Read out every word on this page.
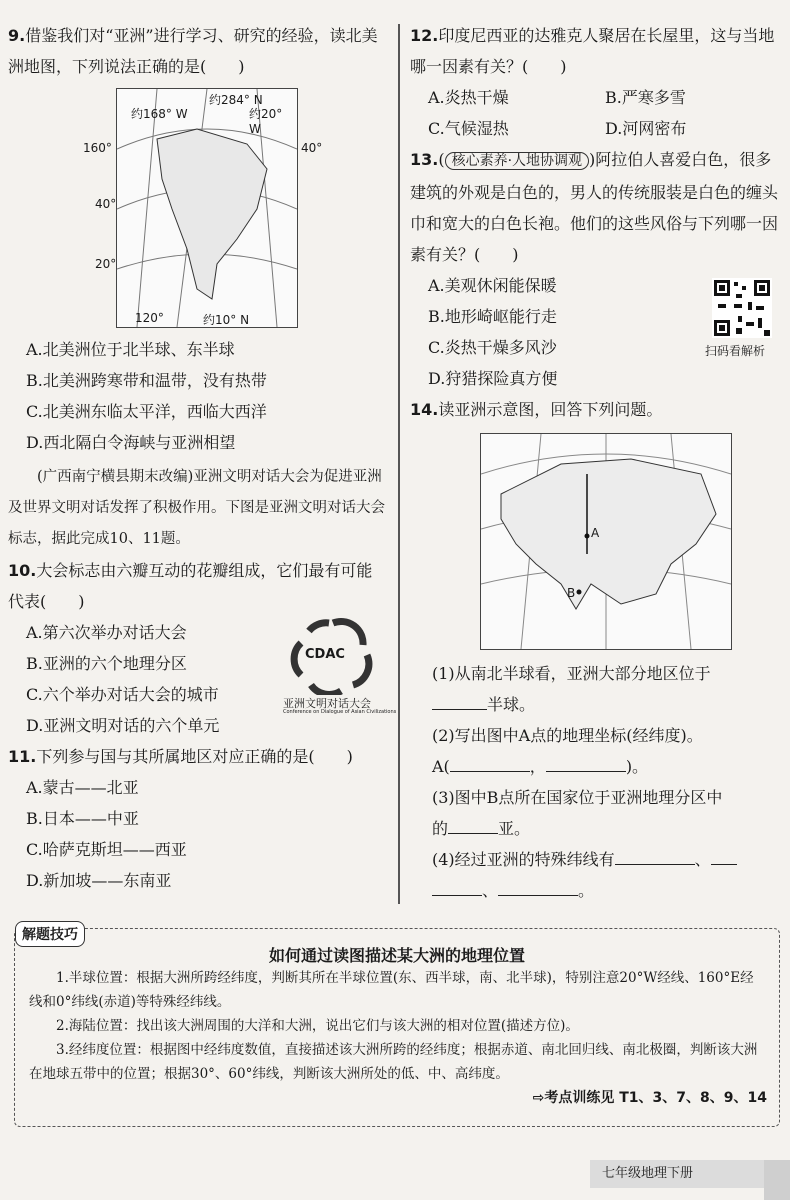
9.借鉴我们对“亚洲”进行学习、研究的经验，读北美洲地图，下列说法正确的是(　　)
约284° N
约168° W	约20° W
160°
40°
20°
40°
约10° N
120°
A.北美洲位于北半球、东半球
B.北美洲跨寒带和温带，没有热带
C.北美洲东临太平洋，西临大西洋
D.西北隔白令海峡与亚洲相望
(广西南宁横县期末改编)亚洲文明对话大会为促进亚洲及世界文明对话发挥了积极作用。下图是亚洲文明对话大会标志，据此完成10、11题。
10.大会标志由六瓣互动的花瓣组成，它们最有可能代表(　　)
A.第六次举办对话大会
B.亚洲的六个地理分区
C.六个举办对话大会的城市
D.亚洲文明对话的六个单元
11.下列参与国与其所属地区对应正确的是(　　)
A.蒙古——北亚
B.日本——中亚
C.哈萨克斯坦——西亚
D.新加坡——东南亚
CDAC
亚洲文明对话大会
Conference on Dialogue of Asian Civilizations
12.印度尼西亚的达雅克人聚居在长屋里，这与当地哪一因素有关？(　　)
A.炎热干燥	B.严寒多雪
C.气候湿热	D.河网密布
13.( 核心素养·人地协调观 )阿拉伯人喜爱白色，很多建筑的外观是白色的，男人的传统服装是白色的缠头巾和宽大的白色长袍。他们的这些风俗与下列哪一因素有关？(　　)
A.美观休闲能保暖
B.地形崎岖能行走
C.炎热干燥多风沙
D.狩猎探险真方便
14.读亚洲示意图，回答下列问题。
A
B
(1)从南北半球看，亚洲大部分地区位于
半球。
(2)写出图中A点的地理坐标(经纬度)。
A(	，	)。
(3)图中B点所在国家位于亚洲地理分区中
的	亚。
(4)经过亚洲的特殊纬线有	、
、	。
扫码看解析
解题技巧
如何通过读图描述某大洲的地理位置

1.半球位置：根据大洲所跨经纬度，判断其所在半球位置(东、西半球，南、北半球)，特别注意20°W经线、160°E经线和0°纬线(赤道)等特殊经纬线。

2.海陆位置：找出该大洲周围的大洋和大洲，说出它们与该大洲的相对位置(描述方位)。

3.经纬度位置：根据图中经纬度数值，直接描述该大洲所跨的经纬度；根据赤道、南北回归线、南北极圈，判断该大洲在地球五带中的位置；根据30°、60°纬线，判断该大洲所处的低、中、高纬度。

⇨考点训练见 T1、3、7、8、9、14
七年级地理下册
